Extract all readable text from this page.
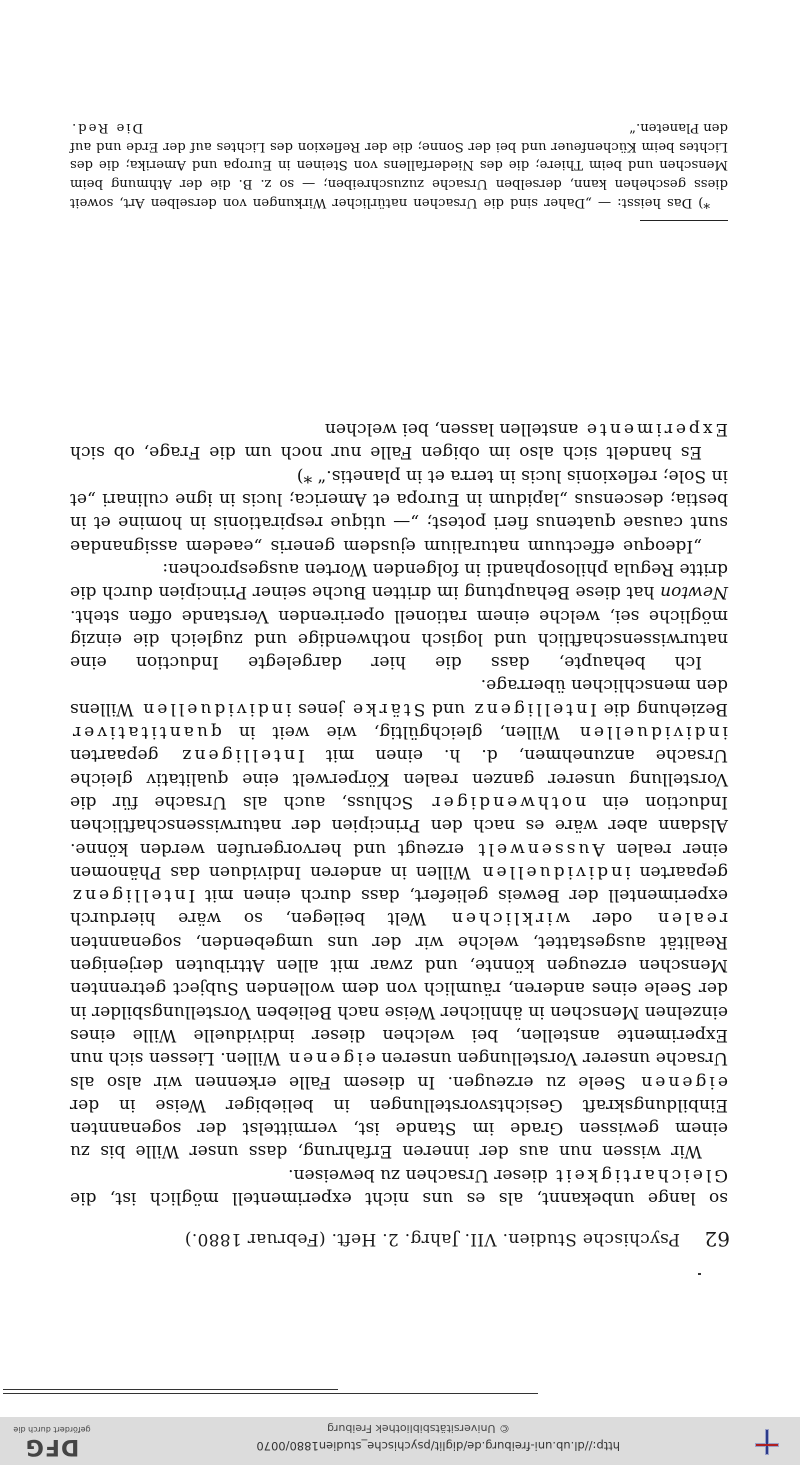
© Universitätsbibliothek Freiburg
http://dl.ub.uni-freiburg.de/diglit/psychische_studien1880/0070
DFG
gefördert durch die
62
Psychische Studien. VII. Jahrg. 2. Heft. (Februar 1880.)

so lange unbekannt, als es uns nicht experimentell möglich ist, die Gleichartigkeit dieser Ursachen zu beweisen.

Wir wissen nun aus der inneren Erfahrung, dass unser Wille bis zu einem gewissen Grade im Stande ist, vermittelst der sogenannten Einbildungskraft Gesichtsvorstellungen in beliebiger Weise in der eigenen Seele zu erzeugen. In diesem Falle erkennen wir also als Ursache unserer Vorstellungen unseren eigenen Willen. Liessen sich nun Experimente anstellen, bei welchen dieser individuelle Wille eines einzelnen Menschen in ähnlicher Weise nach Belieben Vorstellungsbilder in der Seele eines anderen, räumlich von dem wollenden Subject getrennten Menschen erzeugen könnte, und zwar mit allen Attributen derjenigen Realität ausgestattet, welche wir der uns umgebenden, sogenannten realen oder wirklichen Welt beilegen, so wäre hierdurch experimentell der Beweis geliefert, dass durch einen mit Intelligenz gepaarten individuellen Willen in anderen Individuen das Phänomen einer realen Aussenwelt erzeugt und hervorgerufen werden könne. Alsdann aber wäre es nach den Principien der naturwissenschaftlichen Induction ein nothwendiger Schluss, auch als Ursache für die Vorstellung unserer ganzen realen Körperwelt eine qualitativ gleiche Ursache anzunehmen, d. h. einen mit Intelligenz gepaarten individuellen Willen, gleichgültig, wie weit in quantitativer Beziehung die Intelligenz und Stärke jenes individuellen Willens den menschlichen überrage.

Ich behaupte, dass die hier dargelegte Induction eine naturwissenschaftlich und logisch nothwendige und zugleich die einzig mögliche sei, welche einem rationell operirenden Verstande offen steht. Newton hat diese Behauptung im dritten Buche seiner Principien durch die dritte Regula philosophandi in folgenden Worten ausgesprochen:

„Ideoque effectuum naturalium ejusdem generis „eaedem assignandae sunt causae quatenus fieri potest; „— utique respirationis in homine et in bestia; descensus „lapidum in Europa et America; lucis in igne culinari „et in Sole; reflexionis lucis in terra et in planetis.“ *)

Es handelt sich also im obigen Falle nur noch um die Frage, ob sich Experimente anstellen lassen, bei welchen

*) Das heisst: — „Daher sind die Ursachen natürlicher Wirkungen von derselben Art, soweit diess geschehen kann, derselben Ursache zuzuschreiben; — so z. B. die der Athmung beim Menschen und beim Thiere; die des Niederfallens von Steinen in Europa und Amerika; die des Lichtes beim Küchenfeuer und bei der Sonne; die der Reflexion des Lichtes auf der Erde und auf den Planeten.“
Die Red.
